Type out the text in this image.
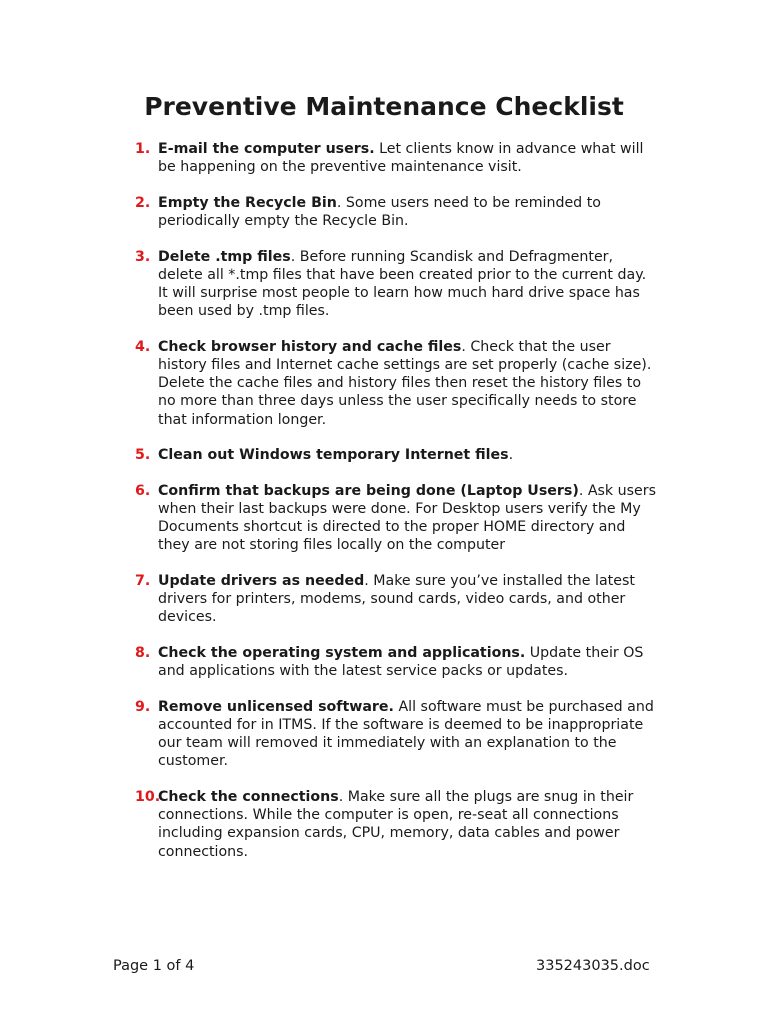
Preventive Maintenance Checklist
1. E-mail the computer users. Let clients know in advance what will be happening on the preventive maintenance visit.
2. Empty the Recycle Bin. Some users need to be reminded to periodically empty the Recycle Bin.
3. Delete .tmp files. Before running Scandisk and Defragmenter, delete all *.tmp files that have been created prior to the current day. It will surprise most people to learn how much hard drive space has been used by .tmp files.
4. Check browser history and cache files. Check that the user history files and Internet cache settings are set properly (cache size). Delete the cache files and history files then reset the history files to no more than three days unless the user specifically needs to store that information longer.
5. Clean out Windows temporary Internet files.
6. Confirm that backups are being done (Laptop Users). Ask users when their last backups were done. For Desktop users verify the My Documents shortcut is directed to the proper HOME directory and they are not storing files locally on the computer
7. Update drivers as needed. Make sure you’ve installed the latest drivers for printers, modems, sound cards, video cards, and other devices.
8. Check the operating system and applications. Update their OS and applications with the latest service packs or updates.
9. Remove unlicensed software. All software must be purchased and accounted for in ITMS. If the software is deemed to be inappropriate our team will removed it immediately with an explanation to the customer.
10.
Check the connections. Make sure all the plugs are snug in their connections. While the computer is open, re-seat all connections including expansion cards, CPU, memory, data cables and power connections.
Page 1 of 4	335243035.doc
